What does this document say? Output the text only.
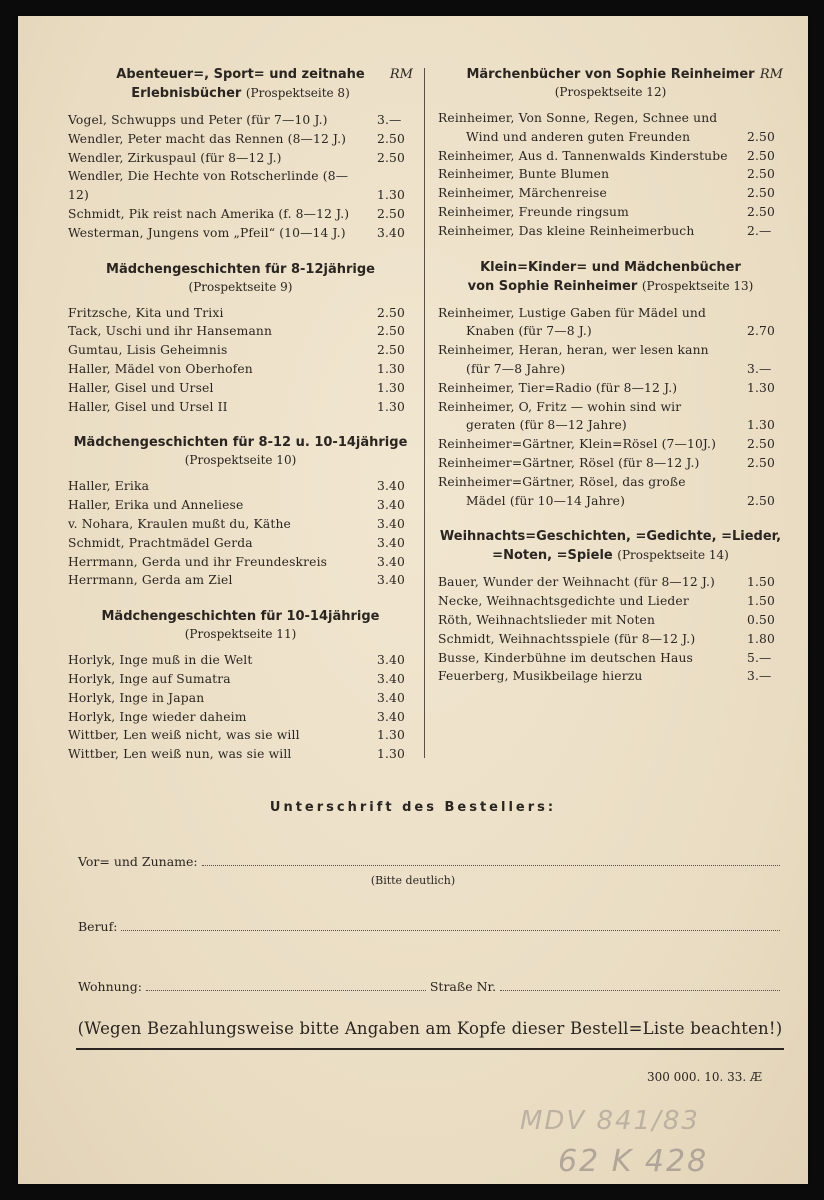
Abenteuer=, Sport= und zeitnahe RM
Erlebnisbücher (Prospektseite 8)
Vogel, Schwupps und Peter (für 7—10 J.)	3.—
Wendler, Peter macht das Rennen (8—12 J.)	2.50
Wendler, Zirkuspaul (für 8—12 J.)	2.50
Wendler, Die Hechte von Rotscherlinde (8—12)	1.30
Schmidt, Pik reist nach Amerika (f. 8—12 J.)	2.50
Westerman, Jungens vom „Pfeil“ (10—14 J.)	3.40
Mädchengeschichten für 8-12jährige
(Prospektseite 9)
Fritzsche, Kita und Trixi	2.50
Tack, Uschi und ihr Hansemann	2.50
Gumtau, Lisis Geheimnis	2.50
Haller, Mädel von Oberhofen	1.30
Haller, Gisel und Ursel	1.30
Haller, Gisel und Ursel II	1.30
Mädchengeschichten für 8-12 u. 10-14jährige
(Prospektseite 10)
Haller, Erika	3.40
Haller, Erika und Anneliese	3.40
v. Nohara, Kraulen mußt du, Käthe	3.40
Schmidt, Prachtmädel Gerda	3.40
Herrmann, Gerda und ihr Freundeskreis	3.40
Herrmann, Gerda am Ziel	3.40
Mädchengeschichten für 10-14jährige
(Prospektseite 11)
Horlyk, Inge muß in die Welt	3.40
Horlyk, Inge auf Sumatra	3.40
Horlyk, Inge in Japan	3.40
Horlyk, Inge wieder daheim	3.40
Wittber, Len weiß nicht, was sie will	1.30
Wittber, Len weiß nun, was sie will	1.30
Märchenbücher von Sophie Reinheimer RM
(Prospektseite 12)
Reinheimer, Von Sonne, Regen, Schnee und
Wind und anderen guten Freunden	2.50
Reinheimer, Aus d. Tannenwalds Kinderstube	2.50
Reinheimer, Bunte Blumen	2.50
Reinheimer, Märchenreise	2.50
Reinheimer, Freunde ringsum	2.50
Reinheimer, Das kleine Reinheimerbuch	2.—
Klein=Kinder= und Mädchenbücher
von Sophie Reinheimer (Prospektseite 13)
Reinheimer, Lustige Gaben für Mädel und
Knaben (für 7—8 J.)	2.70
Reinheimer, Heran, heran, wer lesen kann
(für 7—8 Jahre)	3.—
Reinheimer, Tier=Radio (für 8—12 J.)	1.30
Reinheimer, O, Fritz — wohin sind wir
geraten (für 8—12 Jahre)	1.30
Reinheimer=Gärtner, Klein=Rösel (7—10J.)	2.50
Reinheimer=Gärtner, Rösel (für 8—12 J.)	2.50
Reinheimer=Gärtner, Rösel, das große
Mädel (für 10—14 Jahre)	2.50
Weihnachts=Geschichten, =Gedichte, =Lieder,
=Noten, =Spiele (Prospektseite 14)
Bauer, Wunder der Weihnacht (für 8—12 J.)	1.50
Necke, Weihnachtsgedichte und Lieder	1.50
Röth, Weihnachtslieder mit Noten	0.50
Schmidt, Weihnachtsspiele (für 8—12 J.)	1.80
Busse, Kinderbühne im deutschen Haus	5.—
Feuerberg, Musikbeilage hierzu	3.—
Unterschrift des Bestellers:
Vor= und Zuname:
(Bitte deutlich)
Beruf:
Wohnung:	Straße Nr.
(Wegen Bezahlungsweise bitte Angaben am Kopfe dieser Bestell=Liste beachten!)
300 000. 10. 33. Æ
MDV 841/83
62 K 428
